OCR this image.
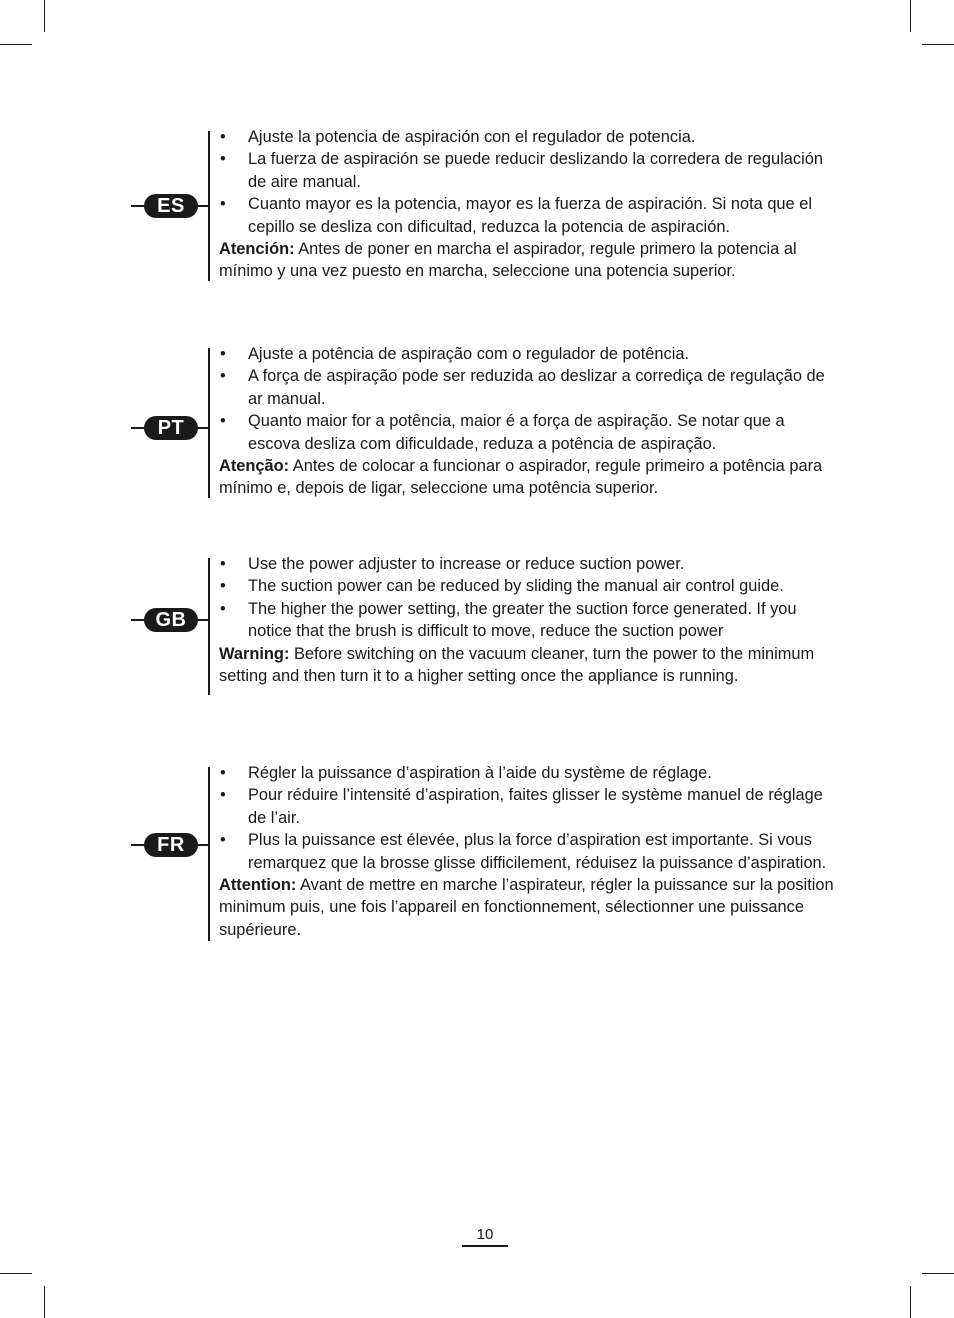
ES
• Ajuste la potencia de aspiración con el regulador de potencia.
• La fuerza de aspiración se puede reducir deslizando la corredera de regulación de aire manual.
• Cuanto mayor es la potencia, mayor es la fuerza de aspiración. Si nota que el cepillo se desliza con dificultad, reduzca la potencia de aspiración.
Atención: Antes de poner en marcha el aspirador, regule primero la potencia al mínimo y una vez puesto en marcha, seleccione una potencia superior.
PT
• Ajuste a potência de aspiração com o regulador de potência.
• A força de aspiração pode ser reduzida ao deslizar a corrediça de regulação de ar manual.
• Quanto maior for a potência, maior é a força de aspiração. Se notar que a escova desliza com dificuldade, reduza a potência de aspiração.
Atenção: Antes de colocar a funcionar o aspirador, regule primeiro a potência para mínimo e, depois de ligar, seleccione uma potência superior.
GB
• Use the power adjuster to increase or reduce suction power.
• The suction power can be reduced by sliding the manual air control guide.
• The higher the power setting, the greater the suction force generated. If you notice that the brush is difficult to move, reduce the suction power
Warning: Before switching on the vacuum cleaner, turn the power to the minimum setting and then turn it to a higher setting once the appliance is running.
FR
• Régler la puissance d’aspiration à l’aide du système de réglage.
• Pour réduire l’intensité d’aspiration, faites glisser le système manuel de réglage de l’air.
• Plus la puissance est élevée, plus la force d’aspiration est importante. Si vous remarquez que la brosse glisse difficilement, réduisez la puissance d’aspiration.
Attention: Avant de mettre en marche l’aspirateur, régler la puissance sur la position minimum puis, une fois l’appareil en fonctionnement, sélectionner une puissance supérieure.
10
